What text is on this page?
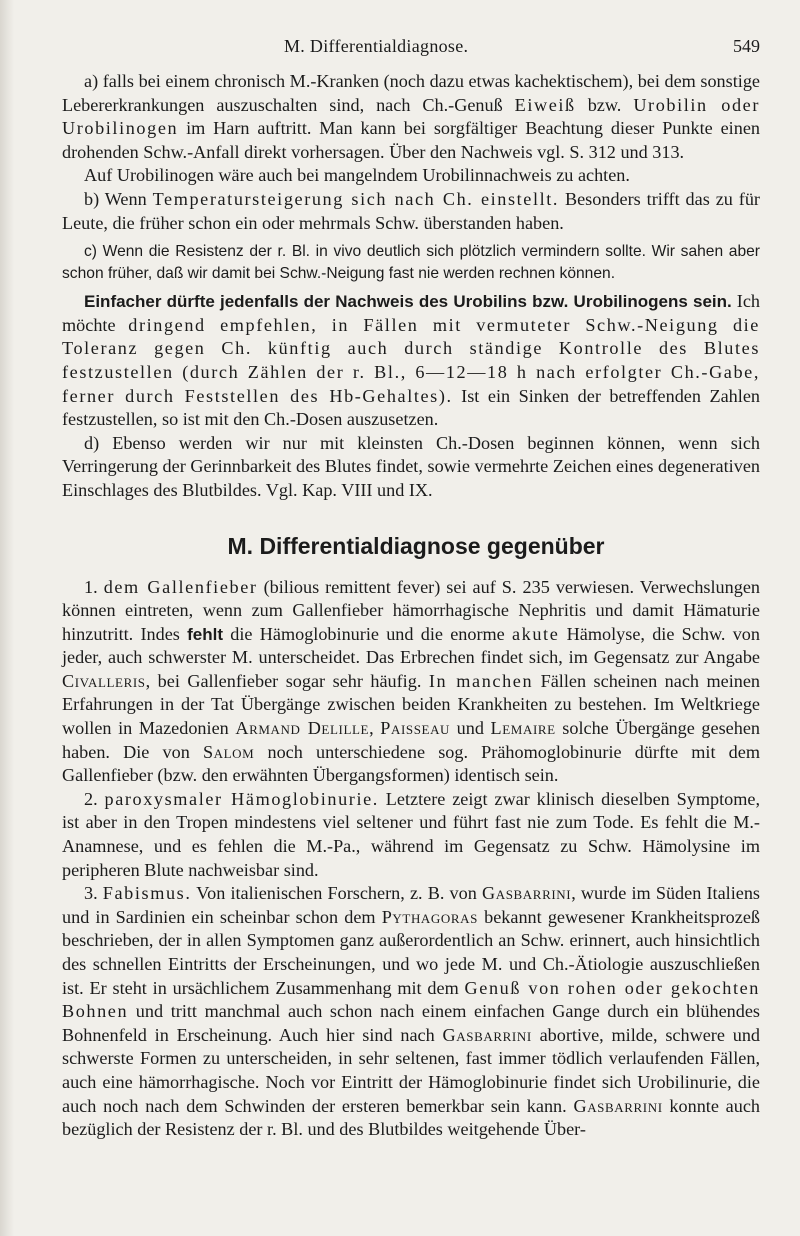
M. Differentialdiagnose.	549

a) falls bei einem chronisch M.-Kranken (noch dazu etwas kachektischem), bei dem sonstige Lebererkrankungen auszuschalten sind, nach Ch.-Genuß Eiweiß bzw. Urobilin oder Urobilinogen im Harn auftritt. Man kann bei sorgfältiger Beachtung dieser Punkte einen drohenden Schw.-Anfall direkt vorhersagen. Über den Nachweis vgl. S. 312 und 313.

Auf Urobilinogen wäre auch bei mangelndem Urobilinnachweis zu achten.

b) Wenn Temperatursteigerung sich nach Ch. einstellt. Besonders trifft das zu für Leute, die früher schon ein oder mehrmals Schw. überstanden haben.

c) Wenn die Resistenz der r. Bl. in vivo deutlich sich plötzlich vermindern sollte. Wir sahen aber schon früher, daß wir damit bei Schw.-Neigung fast nie werden rechnen können.

Einfacher dürfte jedenfalls der Nachweis des Urobilins bzw. Urobilinogens sein. Ich möchte dringend empfehlen, in Fällen mit vermuteter Schw.-Neigung die Toleranz gegen Ch. künftig auch durch ständige Kontrolle des Blutes festzustellen (durch Zählen der r. Bl., 6—12—18 h nach erfolgter Ch.-Gabe, ferner durch Feststellen des Hb-Gehaltes). Ist ein Sinken der betreffenden Zahlen festzustellen, so ist mit den Ch.-Dosen auszusetzen.

d) Ebenso werden wir nur mit kleinsten Ch.-Dosen beginnen können, wenn sich Verringerung der Gerinnbarkeit des Blutes findet, sowie vermehrte Zeichen eines degenerativen Einschlages des Blutbildes. Vgl. Kap. VIII und IX.

M. Differentialdiagnose gegenüber

1. dem Gallenfieber (bilious remittent fever) sei auf S. 235 verwiesen. Verwechslungen können eintreten, wenn zum Gallenfieber hämorrhagische Nephritis und damit Hämaturie hinzutritt. Indes fehlt die Hämoglobinurie und die enorme akute Hämolyse, die Schw. von jeder, auch schwerster M. unterscheidet. Das Erbrechen findet sich, im Gegensatz zur Angabe Civalleris, bei Gallenfieber sogar sehr häufig. In manchen Fällen scheinen nach meinen Erfahrungen in der Tat Übergänge zwischen beiden Krankheiten zu bestehen. Im Weltkriege wollen in Mazedonien Armand Delille, Paisseau und Lemaire solche Übergänge gesehen haben. Die von Salom noch unterschiedene sog. Prähomoglobinurie dürfte mit dem Gallenfieber (bzw. den erwähnten Übergangsformen) identisch sein.

2. paroxysmaler Hämoglobinurie. Letztere zeigt zwar klinisch dieselben Symptome, ist aber in den Tropen mindestens viel seltener und führt fast nie zum Tode. Es fehlt die M.-Anamnese, und es fehlen die M.-Pa., während im Gegensatz zu Schw. Hämolysine im peripheren Blute nachweisbar sind.

3. Fabismus. Von italienischen Forschern, z. B. von Gasbarrini, wurde im Süden Italiens und in Sardinien ein scheinbar schon dem Pythagoras bekannt gewesener Krankheitsprozeß beschrieben, der in allen Symptomen ganz außerordentlich an Schw. erinnert, auch hinsichtlich des schnellen Eintritts der Erscheinungen, und wo jede M. und Ch.-Ätiologie auszuschließen ist. Er steht in ursächlichem Zusammenhang mit dem Genuß von rohen oder gekochten Bohnen und tritt manchmal auch schon nach einem einfachen Gange durch ein blühendes Bohnenfeld in Erscheinung. Auch hier sind nach Gasbarrini abortive, milde, schwere und schwerste Formen zu unterscheiden, in sehr seltenen, fast immer tödlich verlaufenden Fällen, auch eine hämorrhagische. Noch vor Eintritt der Hämoglobinurie findet sich Urobilinurie, die auch noch nach dem Schwinden der ersteren bemerkbar sein kann. Gasbarrini konnte auch bezüglich der Resistenz der r. Bl. und des Blutbildes weitgehende Über-
